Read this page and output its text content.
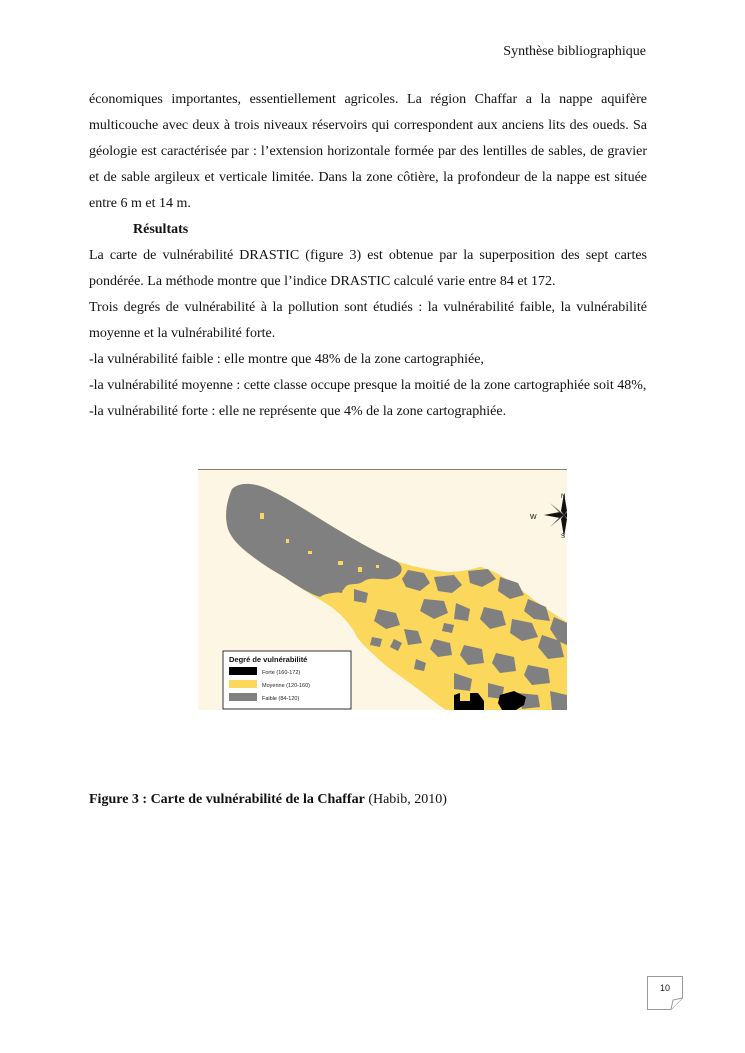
Synthèse bibliographique

économiques importantes, essentiellement agricoles. La région Chaffar a la nappe aquifère multicouche avec deux à trois niveaux réservoirs qui correspondent aux anciens lits des oueds. Sa géologie est caractérisée par : l’extension horizontale formée par des lentilles de sables, de gravier et de sable argileux et verticale limitée. Dans la zone côtière, la profondeur de la nappe est située entre 6 m et 14 m.

Résultats

La carte de vulnérabilité DRASTIC (figure 3) est obtenue par la superposition des sept cartes pondérée. La méthode montre que l’indice DRASTIC calculé varie entre 84 et 172.

Trois degrés de vulnérabilité à la pollution sont étudiés : la vulnérabilité faible, la vulnérabilité moyenne et la vulnérabilité forte.

-la vulnérabilité faible : elle montre que 48% de la zone cartographiée,

-la vulnérabilité moyenne : cette classe occupe presque la moitié de la zone cartographiée soit 48%,

-la vulnérabilité forte : elle ne représente que 4% de la zone cartographiée.

N
W
S
Degré de vulnérabilité
Forte (160-172)
Moyenne (120-160)
Faible (84-120)
Figure 3 : Carte de vulnérabilité de la Chaffar (Habib, 2010)
10
